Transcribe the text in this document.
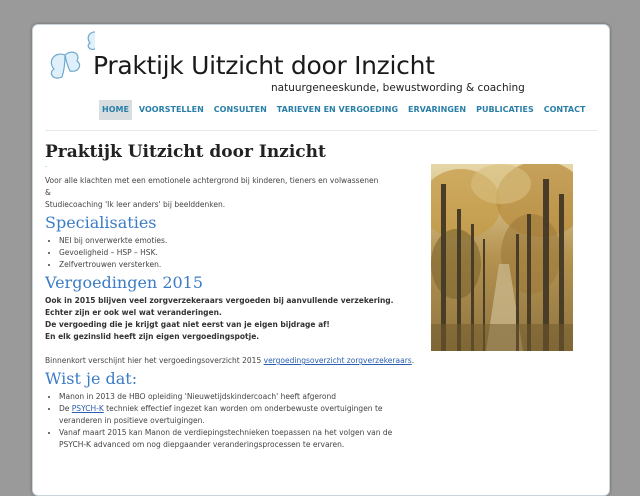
Praktijk Uitzicht door Inzicht
natuurgeneeskunde, bewustwording & coaching
HOME	VOORSTELLEN	CONSULTEN	TARIEVEN EN VERGOEDING	ERVARINGEN	PUBLICATIES	CONTACT
Praktijk Uitzicht door Inzicht
·
Voor alle klachten met een emotionele achtergrond bij kinderen, tieners en volwassenen
&
Studiecoaching 'Ik leer anders' bij beelddenken.
Specialisaties
• NEI bij onverwerkte emoties.
• Gevoeligheid – HSP – HSK.
• Zelfvertrouwen versterken.
Vergoedingen 2015
Ook in 2015 blijven veel zorgverzekeraars vergoeden bij aanvullende verzekering.
Echter zijn er ook wel wat veranderingen.
De vergoeding die je krijgt gaat niet eerst van je eigen bijdrage af!
En elk gezinslid heeft zijn eigen vergoedingspotje.
Binnenkort verschijnt hier het vergoedingsoverzicht 2015 vergoedingsoverzicht zorgverzekeraars.
Wist je dat:
• Manon in 2013 de HBO opleiding 'Nieuwetijdskindercoach' heeft afgerond
• De PSYCH-K techniek effectief ingezet kan worden om onderbewuste overtuigingen te veranderen in positieve overtuigingen.
• Vanaf maart 2015 kan Manon de verdiepingstechnieken toepassen na het volgen van de PSYCH-K advanced om nog diepgaander veranderingsprocessen te ervaren.
